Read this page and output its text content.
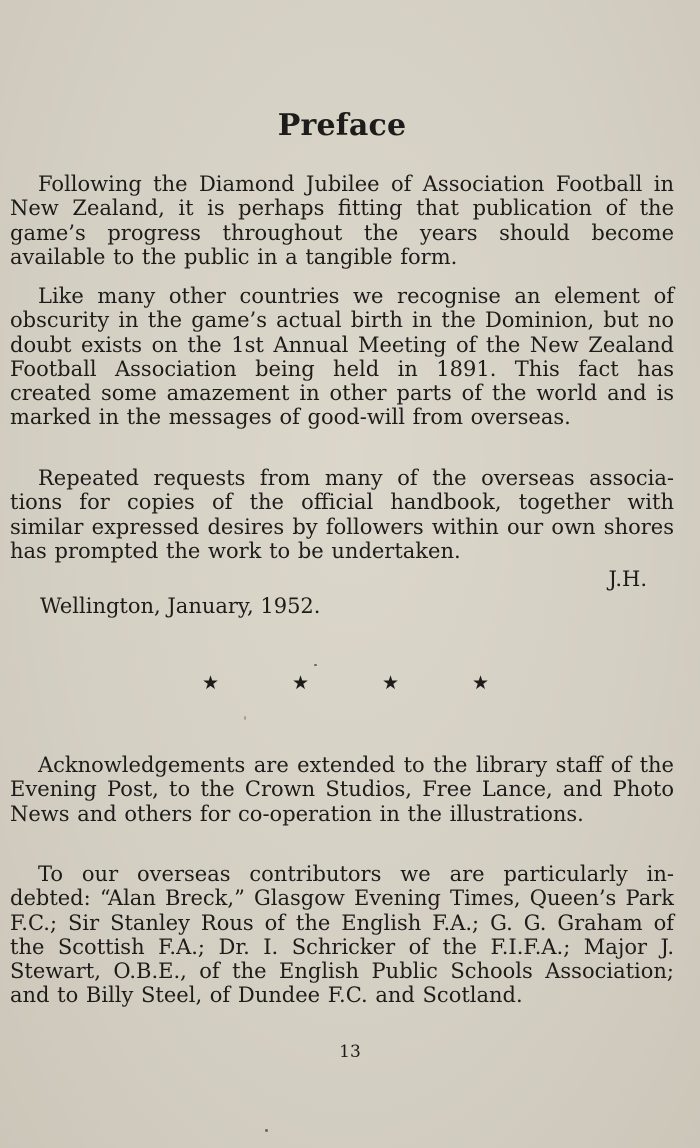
Preface

Following the Diamond Jubilee of Association Football in New Zealand, it is perhaps fitting that publication of the game’s progress throughout the years should become available to the public in a tangible form.

Like many other countries we recognise an element of obscurity in the game’s actual birth in the Dominion, but no doubt exists on the 1st Annual Meeting of the New Zealand Football Association being held in 1891. This fact has created some amazement in other parts of the world and is marked in the messages of good-will from overseas.

Repeated requests from many of the overseas associa-tions for copies of the official handbook, together with similar expressed desires by followers within our own shores has prompted the work to be undertaken.

J.H.

Wellington, January, 1952.

★	★	★	★

Acknowledgements are extended to the library staff of the Evening Post, to the Crown Studios, Free Lance, and Photo News and others for co-operation in the illustrations.

To our overseas contributors we are particularly in-debted: “Alan Breck,” Glasgow Evening Times, Queen’s Park F.C.; Sir Stanley Rous of the English F.A.; G. G. Graham of the Scottish F.A.; Dr. I. Schricker of the F.I.F.A.; Major J. Stewart, O.B.E., of the English Public Schools Association; and to Billy Steel, of Dundee F.C. and Scotland.

13
